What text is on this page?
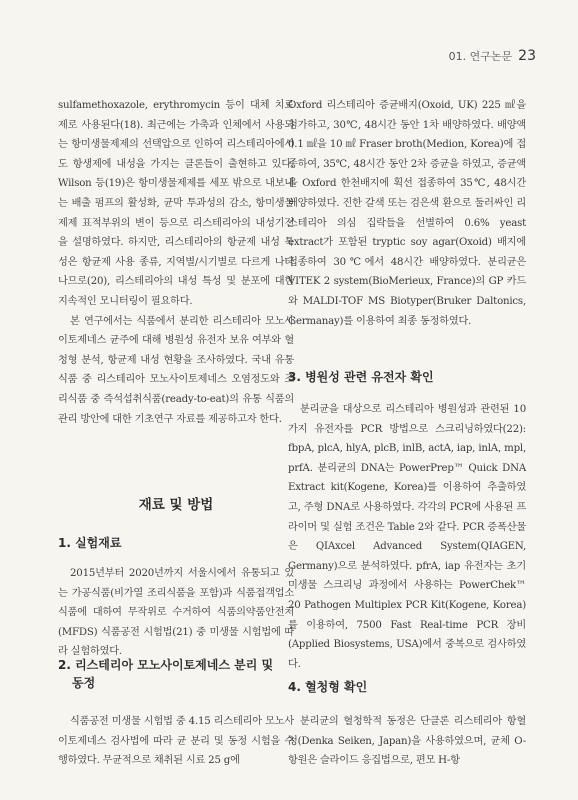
01. 연구논문 23

sulfamethoxazole, erythromycin 등이 대체 치료제로 사용된다(18). 최근에는 가축과 인체에서 사용되는 항미생물제제의 선택압으로 인하여 리스테리아에서도 항생제에 내성을 가지는 클론들이 출현하고 있다. Wilson 등(19)은 항미생물제제를 세포 밖으로 내보내는 배출 펌프의 활성화, 균막 투과성의 감소, 항미생물제제 표적부위의 변이 등으로 리스테리아의 내성기전을 설명하였다. 하지만, 리스테리아의 항균제 내성 특성은 항균제 사용 종류, 지역별/시기별로 다르게 나타나므로(20), 리스테리아의 내성 특성 및 분포에 대한 지속적인 모니터링이 필요하다.

본 연구에서는 식품에서 분리한 리스테리아 모노사이토제네스 균주에 대해 병원성 유전자 보유 여부와 혈청형 분석, 항균제 내성 현황을 조사하였다. 국내 유통 식품 중 리스테리아 모노사이토제네스 오염정도와 조리식품 중 즉석섭취식품(ready-to-eat)의 유통 식품의 관리 방안에 대한 기초연구 자료를 제공하고자 한다.

재료 및 방법
1. 실험재료

2015년부터 2020년까지 서울시에서 유통되고 있는 가공식품(비가열 조리식품을 포함)과 식품접객업소 식품에 대하여 무작위로 수거하여 식품의약품안전처(MFDS) 식품공전 시험법(21) 중 미생물 시험법에 따라 실험하였다.

2. 리스테리아 모노사이토제네스 분리 및
동정

식품공전 미생물 시험법 중 4.15 리스테리아 모노사이토제네스 검사법에 따라 균 분리 및 동정 시험을 수행하였다. 무균적으로 채취된 시료 25 g에

Oxford 리스테리아 증균배지(Oxoid, UK) 225 ㎖을 첨가하고, 30℃, 48시간 동안 1차 배양하였다. 배양액 0.1 ㎖을 10 ㎖ Fraser broth(Medion, Korea)에 접종하여, 35℃, 48시간 동안 2차 증균을 하였고, 증균액을 Oxford 한천배지에 획선 접종하여 35℃, 48시간 배양하였다. 진한 갈색 또는 검은색 환으로 둘러싸인 리스테리아 의심 집락들을 선별하여 0.6% yeast extract가 포함된 tryptic soy agar(Oxoid) 배지에 접종하여 30℃에서 48시간 배양하였다. 분리균은 VITEK 2 system(BioMerieux, France)의 GP 카드와 MALDI-TOF MS Biotyper(Bruker Daltonics, Germanay)를 이용하여 최종 동정하였다.

3. 병원성 관련 유전자 확인

분리균을 대상으로 리스테리아 병원성과 관련된 10가지 유전자를 PCR 방법으로 스크리닝하였다(22): fbpA, plcA, hlyA, plcB, inlB, actA, iap, inlA, mpl, prfA. 분리균의 DNA는 PowerPrep™ Quick DNA Extract kit(Kogene, Korea)를 이용하여 추출하였고, 주형 DNA로 사용하였다. 각각의 PCR에 사용된 프라이머 및 실험 조건은 Table 2와 같다. PCR 증폭산물은 QIAxcel Advanced System(QIAGEN, Germany)으로 분석하였다. pfrA, iap 유전자는 초기 미생물 스크리닝 과정에서 사용하는 PowerChek™ 20 Pathogen Multiplex PCR Kit(Kogene, Korea)를 이용하여, 7500 Fast Real-time PCR 장비(Applied Biosystems, USA)에서 중복으로 검사하였다.

4. 혈청형 확인

분리균의 혈청학적 동정은 단클론 리스테리아 항혈청(Denka Seiken, Japan)을 사용하였으며, 균체 O-항원은 슬라이드 응집법으로, 편모 H-항
